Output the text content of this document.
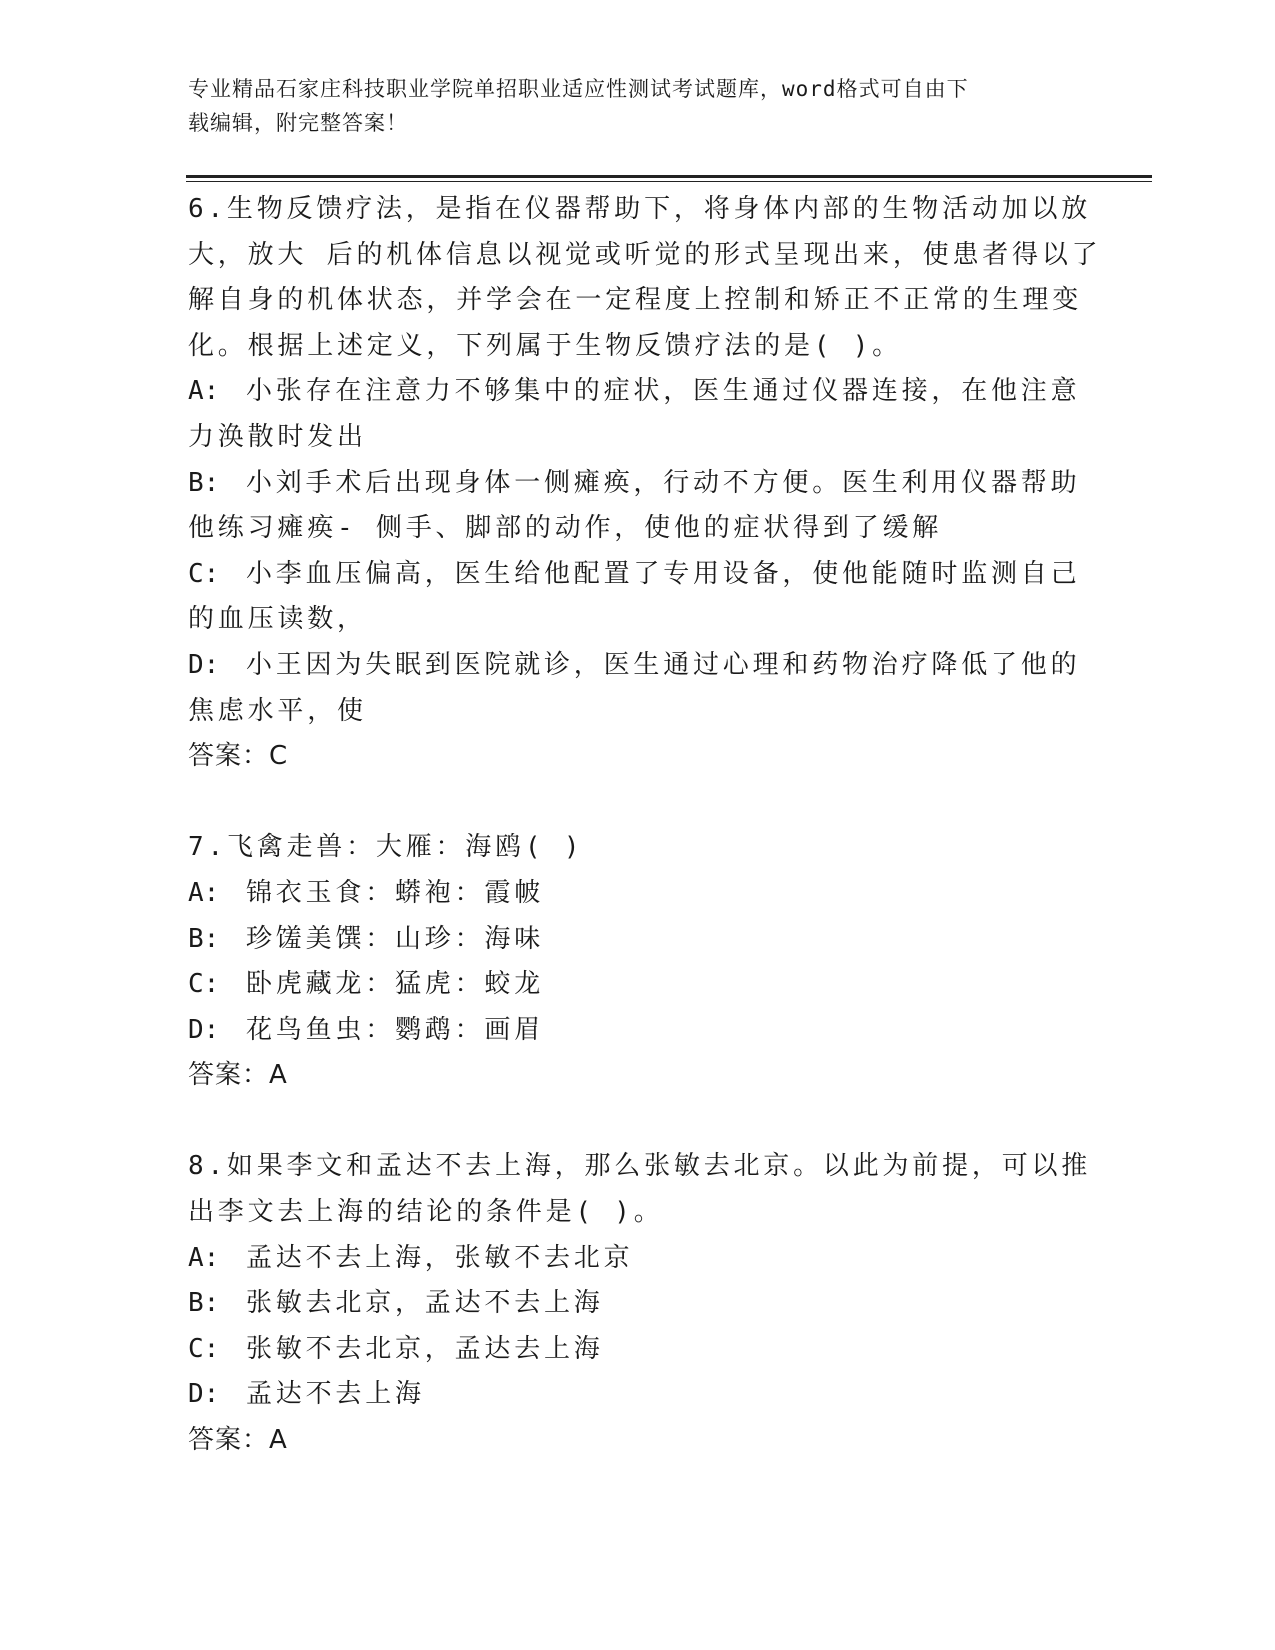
专业精品石家庄科技职业学院单招职业适应性测试考试题库，word格式可自由下
载编辑，附完整答案！
6.生物反馈疗法，是指在仪器帮助下，将身体内部的生物活动加以放
大，放大 后的机体信息以视觉或听觉的形式呈现出来，使患者得以了
解自身的机体状态，并学会在一定程度上控制和矫正不正常的生理变
化。根据上述定义，下列属于生物反馈疗法的是( )。
A: 小张存在注意力不够集中的症状，医生通过仪器连接，在他注意
力涣散时发出
B: 小刘手术后出现身体一侧瘫痪，行动不方便。医生利用仪器帮助
他练习瘫痪- 侧手、脚部的动作，使他的症状得到了缓解
C: 小李血压偏高，医生给他配置了专用设备，使他能随时监测自己
的血压读数，
D: 小王因为失眠到医院就诊，医生通过心理和药物治疗降低了他的
焦虑水平，使
答案：C
7.飞禽走兽：大雁：海鸥( )
A: 锦衣玉食：蟒袍：霞帔
B: 珍馐美馔：山珍：海味
C: 卧虎藏龙：猛虎：蛟龙
D: 花鸟鱼虫：鹦鹉：画眉
答案：A
8.如果李文和孟达不去上海，那么张敏去北京。以此为前提，可以推
出李文去上海的结论的条件是( )。
A: 孟达不去上海，张敏不去北京
B: 张敏去北京，孟达不去上海
C: 张敏不去北京，孟达去上海
D: 孟达不去上海
答案：A
